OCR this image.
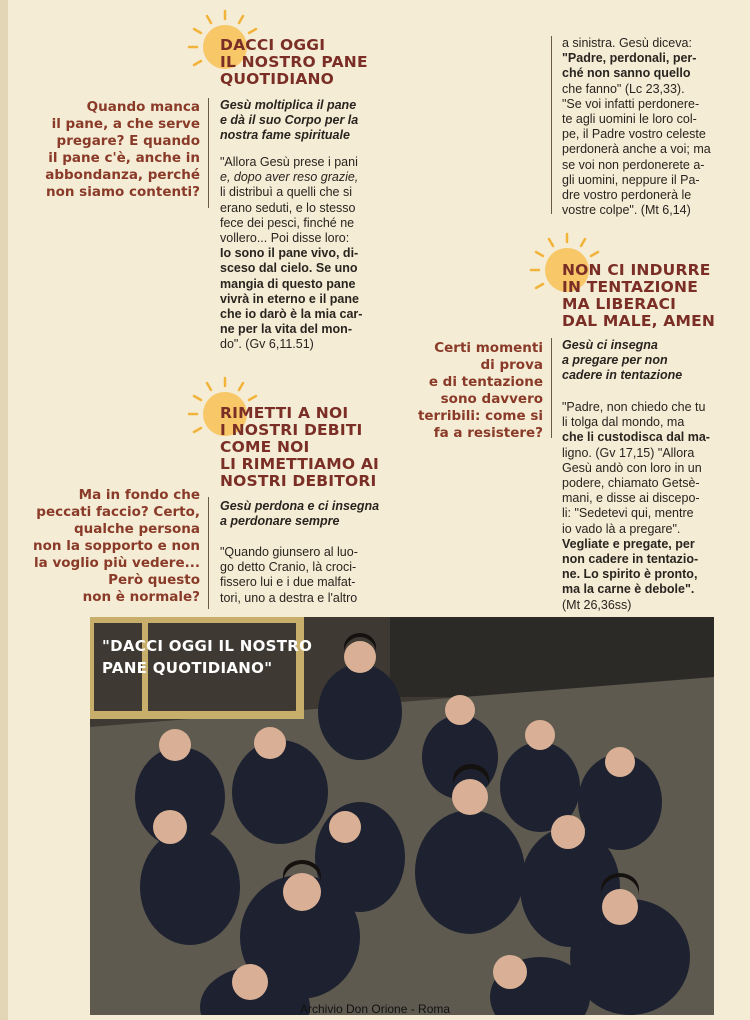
DACCI OGGI
IL NOSTRO PANE
QUOTIDIANO

Quando manca
il pane, a che serve
pregare? E quando
il pane c'è, anche in
abbondanza, perché
non siamo contenti?

Gesù moltiplica il pane
e dà il suo Corpo per la
nostra fame spirituale

"Allora Gesù prese i pani
e, dopo aver reso grazie,
li distribuì a quelli che si
erano seduti, e lo stesso
fece dei pesci, finché ne
vollero... Poi disse loro:
Io sono il pane vivo, di-
sceso dal cielo. Se uno
mangia di questo pane
vivrà in eterno e il pane
che io darò è la mia car-
ne per la vita del mon-
do". (Gv 6,11.51)

RIMETTI A NOI
I NOSTRI DEBITI
COME NOI
LI RIMETTIAMO AI
NOSTRI DEBITORI

Ma in fondo che
peccati faccio? Certo,
qualche persona
non la sopporto e non
la voglio più vedere...
Però questo
non è normale?

Gesù perdona e ci insegna
a perdonare sempre

"Quando giunsero al luo-
go detto Cranio, là croci-
fissero lui e i due malfat-
tori, uno a destra e l'altro

a sinistra. Gesù diceva:
"Padre, perdonali, per-
ché non sanno quello
che fanno" (Lc 23,33).
"Se voi infatti perdonere-
te agli uomini le loro col-
pe, il Padre vostro celeste
perdonerà anche a voi; ma
se voi non perdonerete a-
gli uomini, neppure il Pa-
dre vostro perdonerà le
vostre colpe". (Mt 6,14)

NON CI INDURRE
IN TENTAZIONE
MA LIBERACI
DAL MALE, AMEN

Certi momenti
di prova
e di tentazione
sono davvero
terribili: come si
fa a resistere?

Gesù ci insegna
a pregare per non
cadere in tentazione

"Padre, non chiedo che tu
li tolga dal mondo, ma
che li custodisca dal ma-
ligno. (Gv 17,15) "Allora
Gesù andò con loro in un
podere, chiamato Getsè-
mani, e disse ai discepo-
li: "Sedetevi qui, mentre
io vado là a pregare".
Vegliate e pregate, per
non cadere in tentazio-
ne. Lo spirito è pronto,
ma la carne è debole".
(Mt 26,36ss)

"DACCI OGGI IL NOSTRO
PANE QUOTIDIANO"

Archivio Don Orione - Roma
